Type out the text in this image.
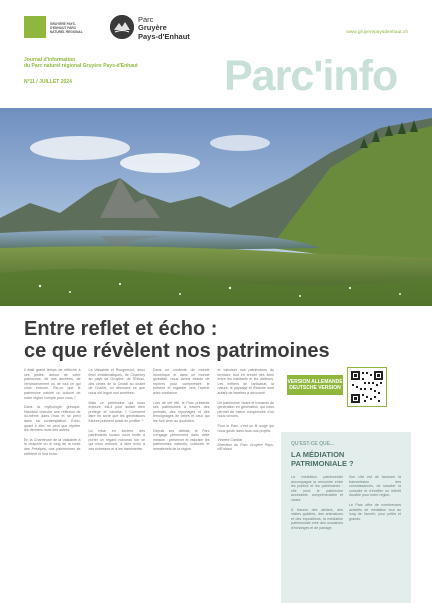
GRUYÈRE PAYS-D'ENHAUT PARC NATUREL RÉGIONAL
Parc
Gruyère
Pays-d'Enhaut	www.gruyerepaysdenhaut.ch
Journal d'information
du Parc naturel régional Gruyère Pays-d'Enhaut
N°11 / JUILLET 2024	Parc'info
Entre reflet et écho :
ce que révèlent nos patrimoines

Il était grand temps de réfléchir à ces pistes, autour de votre patrimoine, de nos ancêtres, de l'environnement ou de tout ce qui vous entoure. Est-ce que le patrimoine naturel ou culturel de notre région compte pour vous ?

Dans la mythologie grecque, Narcisse cherche une réflexion de lui-même dans l'eau et se perd dans sa contemplation. Écho, quant à elle, ne peut que répéter les derniers mots des autres.

En la Chartreuse de la Valsainte à la chapelle ou le long de la route des Préalpes, nos patrimoines se reflètent et font écho.

La Valsainte et Rougemont, deux lieux emblématiques, de Charmey au pays de Gruyère, de l'Étivaz, des cimes de la Cristal au chalet de Charlet, on découvre ce que nous ont légué nos ancêtres.

Mais ce patrimoine qui nous entoure, est-il pour autant bien protégé et valorisé ? Comment faire en sorte que les générations futures puissent aussi en profiter ?

La mise en lumière des patrimoines locaux nous invite à porter un regard nouveau sur ce qui nous entoure, à faire écho à ces richesses et à les transmettre.

Dans un contexte de monde numérique et dans un monde globalisé, nous avons besoin de repères pour comprendre le présent et regarder vers l'avenir avec confiance.

Lors de cet été, le Parc présente ses patrimoines à travers des portraits, des reportages et des témoignages de celles et ceux qui les font vivre au quotidien.

Depuis ses débuts, le Parc s'engage pleinement dans cette mission : préserver et valoriser les patrimoines naturels, culturels et immatériels de la région.

et valoriser nos patrimoines du territoire tout en créant des liens entre les habitants et les visiteurs. Les métiers de l'artisanat, la nature, le paysage et l'histoire sont autant de facettes à découvrir.

Un patrimoine vivant et transmis de génération en génération, qui nous permet de mieux comprendre d'où nous venons.

Pour le Parc, c'est un fil rouge qui nous guide dans tous nos projets.

Vincent Caridat
Directeur du Parc Gruyère Pays-d'Enhaut

VERSION ALLEMANDE
DEUTSCHE VERSION
QU'EST-CE QUE...
LA MÉDIATION PATRIMONIALE ?

La médiation patrimoniale accompagne la rencontre entre les publics et les patrimoines : elle rend le patrimoine accessible, compréhensible et vivant.

À travers des ateliers, des visites guidées, des animations et des expositions, la médiation patrimoniale crée des occasions d'échanges et de partage.

Son rôle est de favoriser la transmission des connaissances, de susciter la curiosité et d'éveiller un intérêt durable pour notre région.

Le Parc offre de nombreuses activités de médiation tout au long de l'année, pour petits et grands.
